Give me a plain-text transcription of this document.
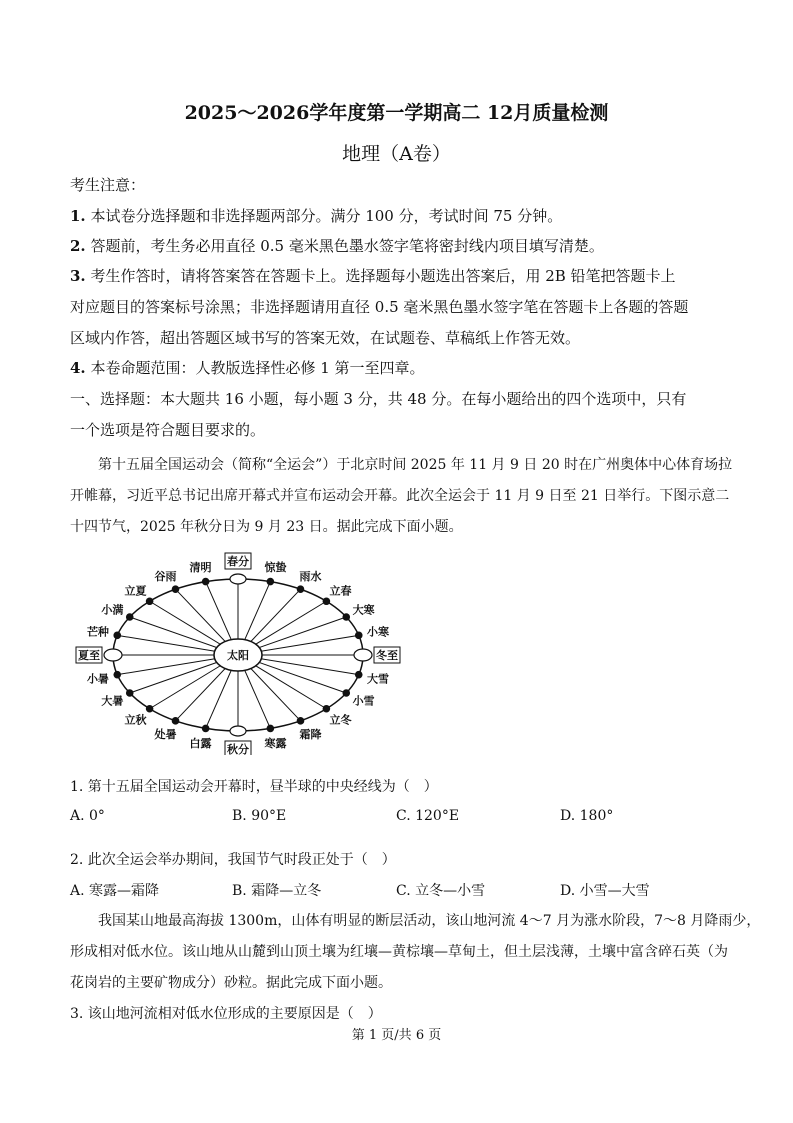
2025～2026学年度第一学期高二 12月质量检测
地理（A卷）
考生注意：
1. 本试卷分选择题和非选择题两部分。满分 100 分，考试时间 75 分钟。
2. 答题前，考生务必用直径 0.5 毫米黑色墨水签字笔将密封线内项目填写清楚。
3. 考生作答时，请将答案答在答题卡上。选择题每小题选出答案后，用 2B 铅笔把答题卡上
对应题目的答案标号涂黑；非选择题请用直径 0.5 毫米黑色墨水签字笔在答题卡上各题的答题
区域内作答，超出答题区域书写的答案无效，在试题卷、草稿纸上作答无效。
4. 本卷命题范围：人教版选择性必修 1 第一至四章。
一、选择题：本大题共 16 小题，每小题 3 分，共 48 分。在每小题给出的四个选项中，只有
一个选项是符合题目要求的。
第十五届全国运动会（简称“全运会”）于北京时间 2025 年 11 月 9 日 20 时在广州奥体中心体育场拉
开帷幕，习近平总书记出席开幕式并宣布运动会开幕。此次全运会于 11 月 9 日至 21 日举行。下图示意二
十四节气，2025 年秋分日为 9 月 23 日。据此完成下面小题。
太阳
春分 惊蛰
雨水
立春
大寒
小寒
冬至
大雪
小雪
立冬
霜降
寒露
秋分
白露
处暑
立秋
大暑
小暑
夏至
芒种
小满
立夏
谷雨
清明
1. 第十五届全国运动会开幕时，昼半球的中央经线为（　）
A. 0°	B. 90°E	C. 120°E	D. 180°
2. 此次全运会举办期间，我国节气时段正处于（　）
A. 寒露—霜降	B. 霜降—立冬	C. 立冬—小雪	D. 小雪—大雪
我国某山地最高海拔 1300m，山体有明显的断层活动，该山地河流 4～7 月为涨水阶段，7～8 月降雨少，
形成相对低水位。该山地从山麓到山顶土壤为红壤—黄棕壤—草甸土，但土层浅薄，土壤中富含碎石英（为
花岗岩的主要矿物成分）砂粒。据此完成下面小题。
3. 该山地河流相对低水位形成的主要原因是（　）
第 1 页/共 6 页
